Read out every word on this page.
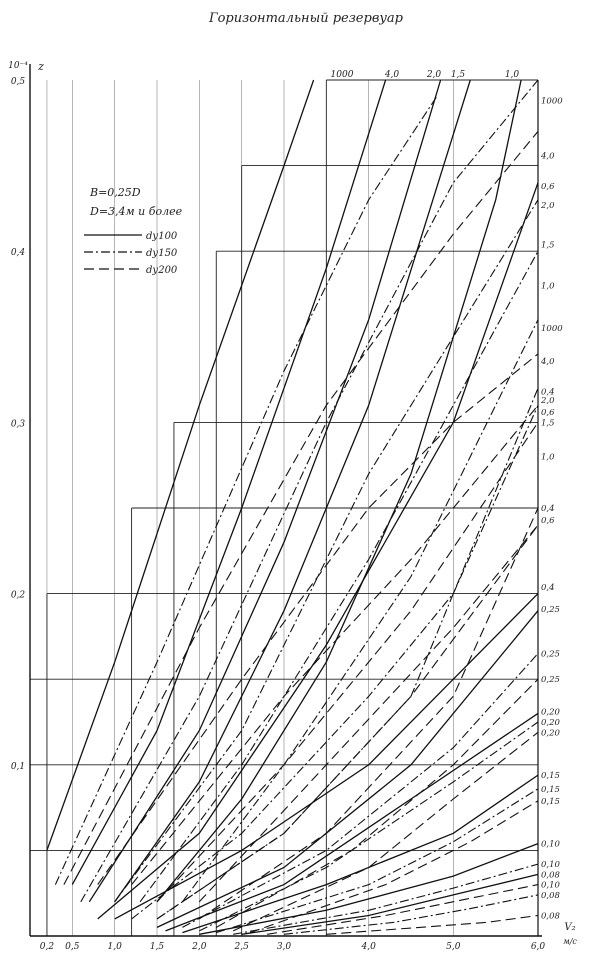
Горизонтальный резервуар
0,2 0,5	1,0	1,5	2,0	2,5	3,0	4,0	5,0	6,0
0,1
0,2
0,3
0,4
0,5
10⁻⁴ z
V₂
м/с
1000	4,0	2,0 1,5	1,0
1000
4,0
0,6
2,0
1,5
1,0
1000
4,0
0,4
2,0
0,6
1,5
1,0
0,4
0,6
0,4
0,25
0,25
0,25
0,20
0,20
0,20
0,15
0,15
0,15
0,10
0,10
0,08
0,10
0,08
0,08
B=0,25D
D=3,4м и более
dу100
dу150
dу200
